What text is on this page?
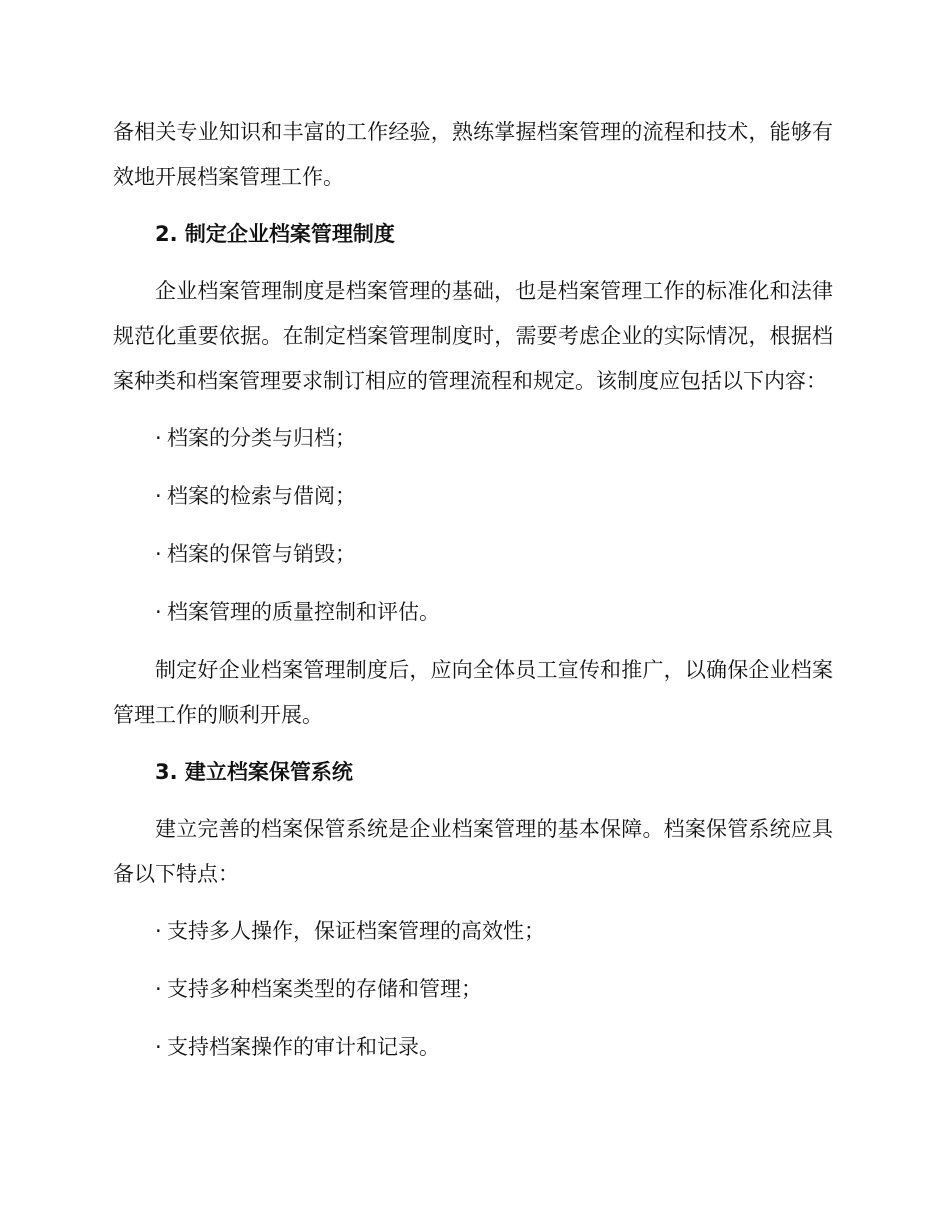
备相关专业知识和丰富的工作经验，熟练掌握档案管理的流程和技术，能够有效地开展档案管理工作。

2. 制定企业档案管理制度

企业档案管理制度是档案管理的基础，也是档案管理工作的标准化和法律规范化重要依据。在制定档案管理制度时，需要考虑企业的实际情况，根据档案种类和档案管理要求制订相应的管理流程和规定。该制度应包括以下内容：

· 档案的分类与归档；
· 档案的检索与借阅；
· 档案的保管与销毁；
· 档案管理的质量控制和评估。

制定好企业档案管理制度后，应向全体员工宣传和推广，以确保企业档案管理工作的顺利开展。

3. 建立档案保管系统

建立完善的档案保管系统是企业档案管理的基本保障。档案保管系统应具备以下特点：

· 支持多人操作，保证档案管理的高效性；
· 支持多种档案类型的存储和管理；
· 支持档案操作的审计和记录。
